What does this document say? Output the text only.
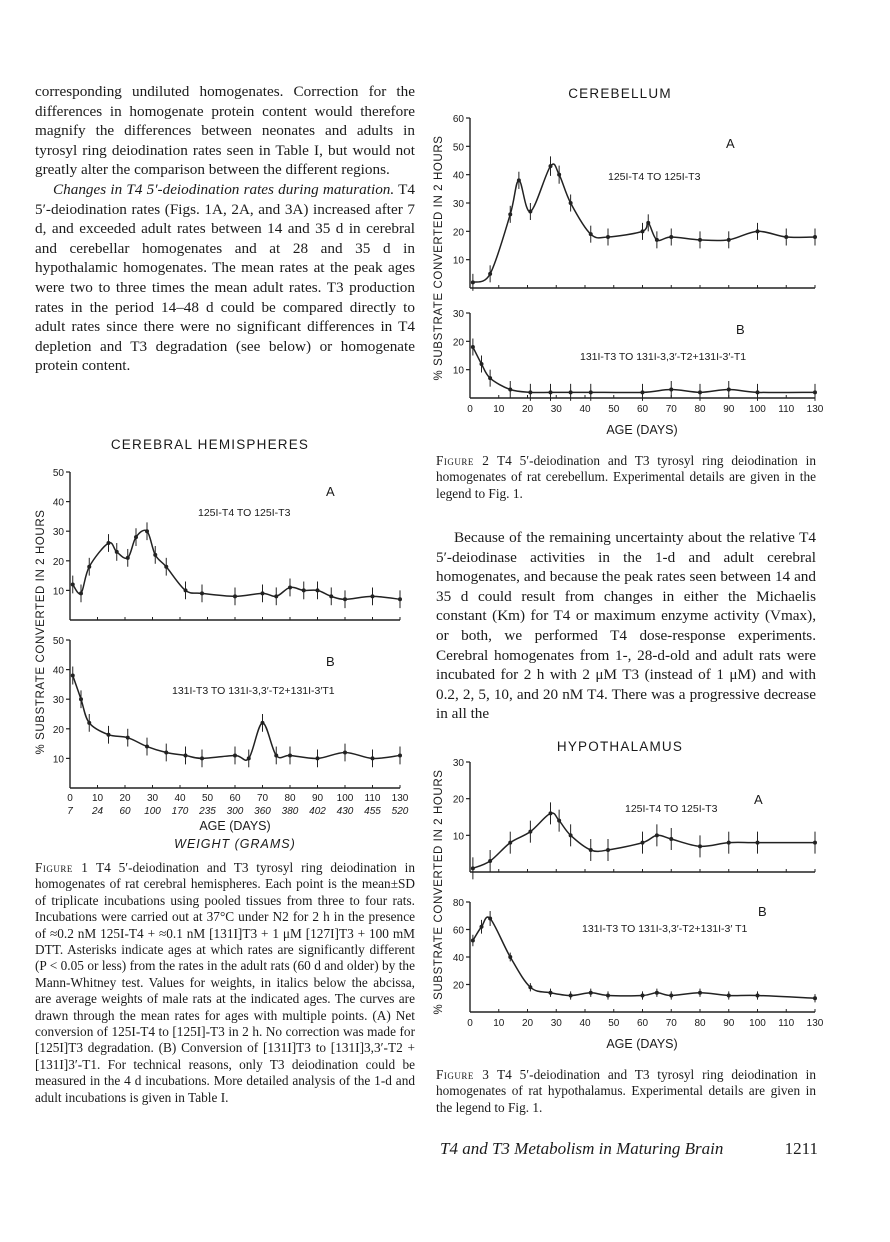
corresponding undiluted homogenates. Correction for the differences in homogenate protein content would therefore magnify the differences between neonates and adults in tyrosyl ring deiodination rates seen in Table I, but would not greatly alter the comparison between the different regions.

Changes in T4 5′-deiodination rates during maturation. T4 5′-deiodination rates (Figs. 1A, 2A, and 3A) increased after 7 d, and exceeded adult rates between 14 and 35 d in cerebral and cerebellar homogenates and at 28 and 35 d in hypothalamic homogenates. The mean rates at the peak ages were two to three times the mean adult rates. T3 production rates in the period 14–48 d could be compared directly to adult rates since there were no significant differences in T4 depletion and T3 degradation (see below) or homogenate protein content.

CEREBRAL HEMISPHERES
10
20
30
40
50
125I-T4 TO 125I-T3
A
10
20
30
40
50
131I-T3 TO 131I-3,3′-T2+131I-3′T1
B
0 10 20 30 40 50 60 70 80 90 100 110 130
7 24 60 100 170 235 300 360 380 402 430 455 520
AGE (DAYS)
WEIGHT (GRAMS)
% SUBSTRATE CONVERTED IN 2 HOURS
Figure 1 T4 5′-deiodination and T3 tyrosyl ring deiodination in homogenates of rat cerebral hemispheres. Each point is the mean±SD of triplicate incubations using pooled tissues from three to four rats. Incubations were carried out at 37°C under N2 for 2 h in the presence of ≈0.2 nM 125I-T4 + ≈0.1 nM [131I]T3 + 1 μM [127I]T3 + 100 mM DTT. Asterisks indicate ages at which rates are significantly different (P < 0.05 or less) from the rates in the adult rats (60 d and older) by the Mann-Whitney test. Values for weights, in italics below the abcissa, are average weights of male rats at the indicated ages. The curves are drawn through the mean rates for ages with multiple points. (A) Net conversion of 125I-T4 to [125I]-T3 in 2 h. No correction was made for [125I]T3 degradation. (B) Conversion of [131I]T3 to [131I]3,3′-T2 + [131I]3′-T1. For technical reasons, only T3 deiodination could be measured in the 4 d incubations. More detailed analysis of the 1-d and adult incubations is given in Table I.
CEREBELLUM
10
20
30
40
50
60
125I-T4 TO 125I-T3
A
10
20
30
131I-T3 TO 131I-3,3′-T2+131I-3′-T1
B
0 10 20 30 40 50 60 70 80 90 100 110 130
AGE (DAYS)
% SUBSTRATE CONVERTED IN 2 HOURS
Figure 2 T4 5′-deiodination and T3 tyrosyl ring deiodination in homogenates of rat cerebellum. Experimental details are given in the legend to Fig. 1.

Because of the remaining uncertainty about the relative T4 5′-deiodinase activities in the 1-d and adult cerebral homogenates, and because the peak rates seen between 14 and 35 d could result from changes in either the Michaelis constant (Km) for T4 or maximum enzyme activity (Vmax), or both, we performed T4 dose-response experiments. Cerebral homogenates from 1-, 28-d-old and adult rats were incubated for 2 h with 2 μM T3 (instead of 1 μM) and with 0.2, 2, 5, 10, and 20 nM T4. There was a progressive decrease in all the

HYPOTHALAMUS
10
20
30
125I-T4 TO 125I-T3
A
20
40
60
80
131I-T3 TO 131I-3,3′-T2+131I-3′ T1
B
0 10 20 30 40 50 60 70 80 90 100 110 130
AGE (DAYS)
% SUBSTRATE CONVERTED IN 2 HOURS
Figure 3 T4 5′-deiodination and T3 tyrosyl ring deiodination in homogenates of rat hypothalamus. Experimental details are given in the legend to Fig. 1.
T4 and T3 Metabolism in Maturing Brain	1211
